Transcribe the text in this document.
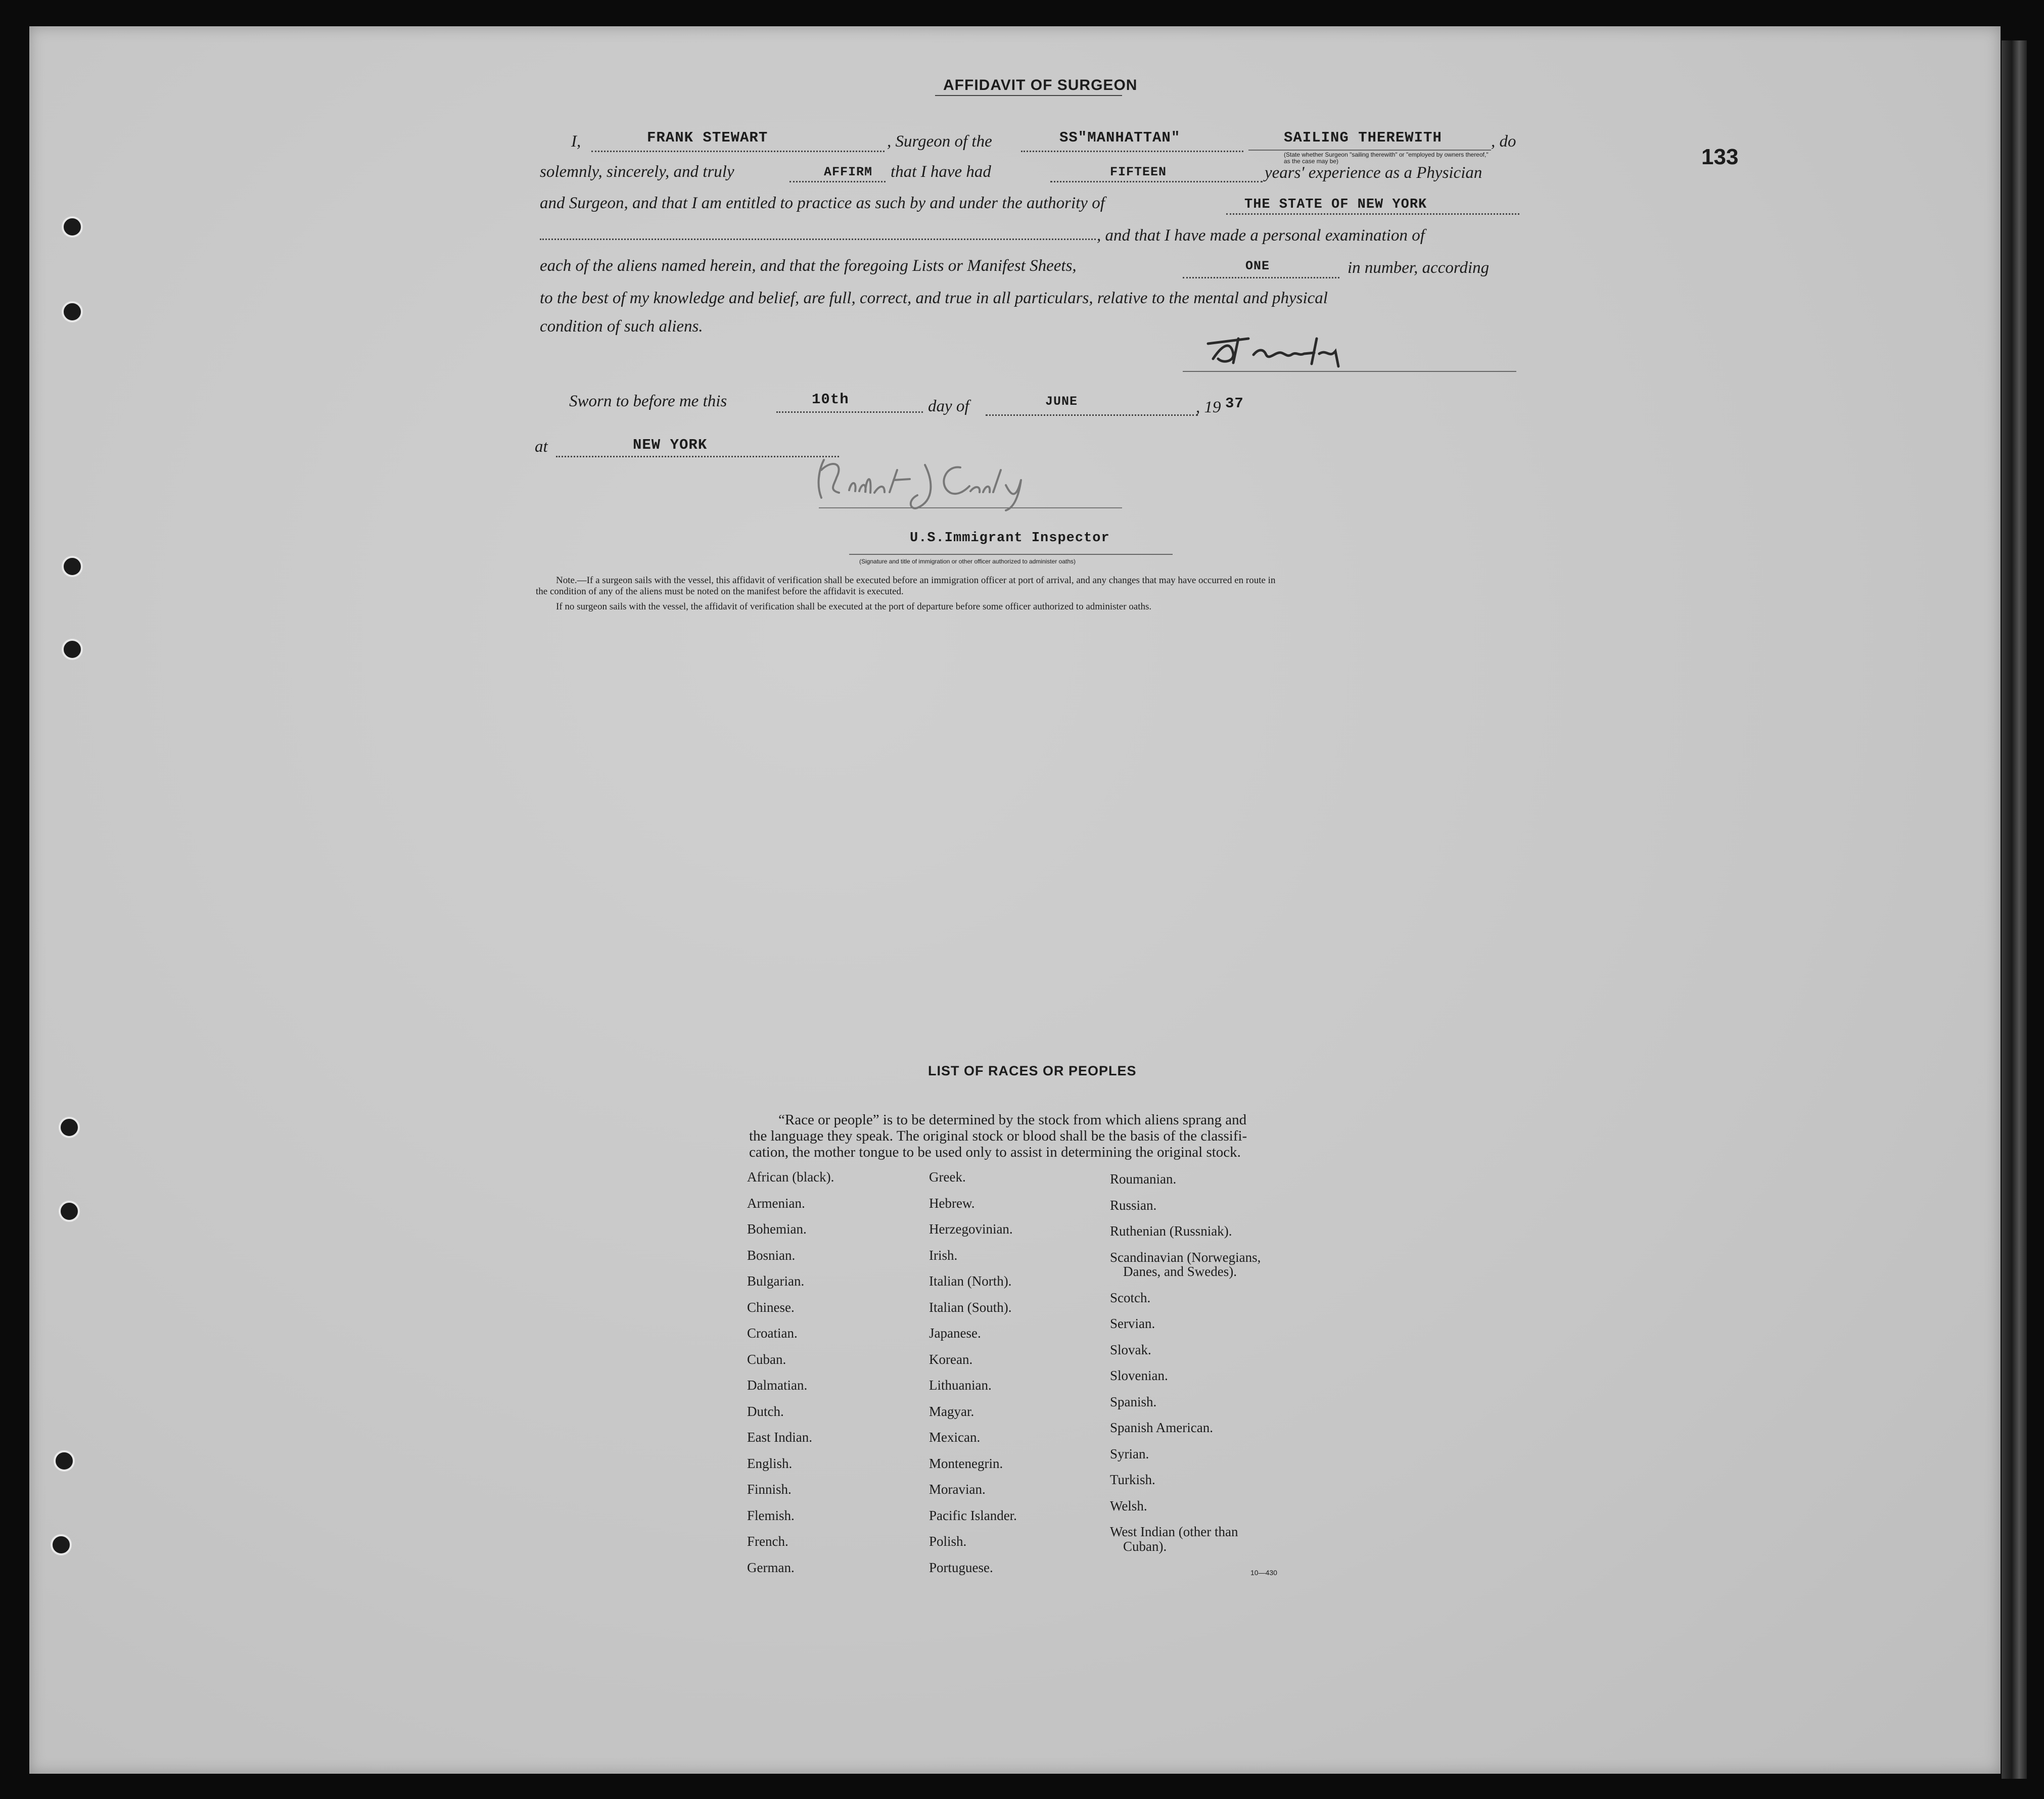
133
AFFIDAVIT OF SURGEON
I,	FRANK STEWART	, Surgeon of the	SS"MANHATTAN"	SAILING THEREWITH	, do
(State whether Surgeon "sailing therewith" or "employed by owners thereof," as the case may be)
solemnly, sincerely, and truly	AFFIRM that I have had	FIFTEEN	years' experience as a Physician
and Surgeon, and that I am entitled to practice as such by and under the authority of	THE STATE OF NEW YORK
, and that I have made a personal examination of
each of the aliens named herein, and that the foregoing Lists or Manifest Sheets,	ONE	in number, according
to the best of my knowledge and belief, are full, correct, and true in all particulars, relative to the mental and physical
condition of such aliens.
Sworn to before me this	10th	day of	JUNE	, 19 37
at	NEW YORK
U.S.Immigrant Inspector
(Signature and title of immigration or other officer authorized to administer oaths)
Note.—If a surgeon sails with the vessel, this affidavit of verification shall be executed before an immigration officer at port of arrival, and any changes that may have occurred en route in
the condition of any of the aliens must be noted on the manifest before the affidavit is executed.
If no surgeon sails with the vessel, the affidavit of verification shall be executed at the port of departure before some officer authorized to administer oaths.
LIST OF RACES OR PEOPLES
“Race or people” is to be determined by the stock from which aliens sprang and
the language they speak. The original stock or blood shall be the basis of the classifi-
cation, the mother tongue to be used only to assist in determining the original stock.
African (black).
Armenian.
Bohemian.
Bosnian.
Bulgarian.
Chinese.
Croatian.
Cuban.
Dalmatian.
Dutch.
East Indian.
English.
Finnish.
Flemish.
French.
German.
Greek.
Hebrew.
Herzegovinian.
Irish.
Italian (North).
Italian (South).
Japanese.
Korean.
Lithuanian.
Magyar.
Mexican.
Montenegrin.
Moravian.
Pacific Islander.
Polish.
Portuguese.
Roumanian.
Russian.
Ruthenian (Russniak).
Scandinavian (Norwegians,
Danes, and Swedes).
Scotch.
Servian.
Slovak.
Slovenian.
Spanish.
Spanish American.
Syrian.
Turkish.
Welsh.
West Indian (other than
Cuban).
10—430
